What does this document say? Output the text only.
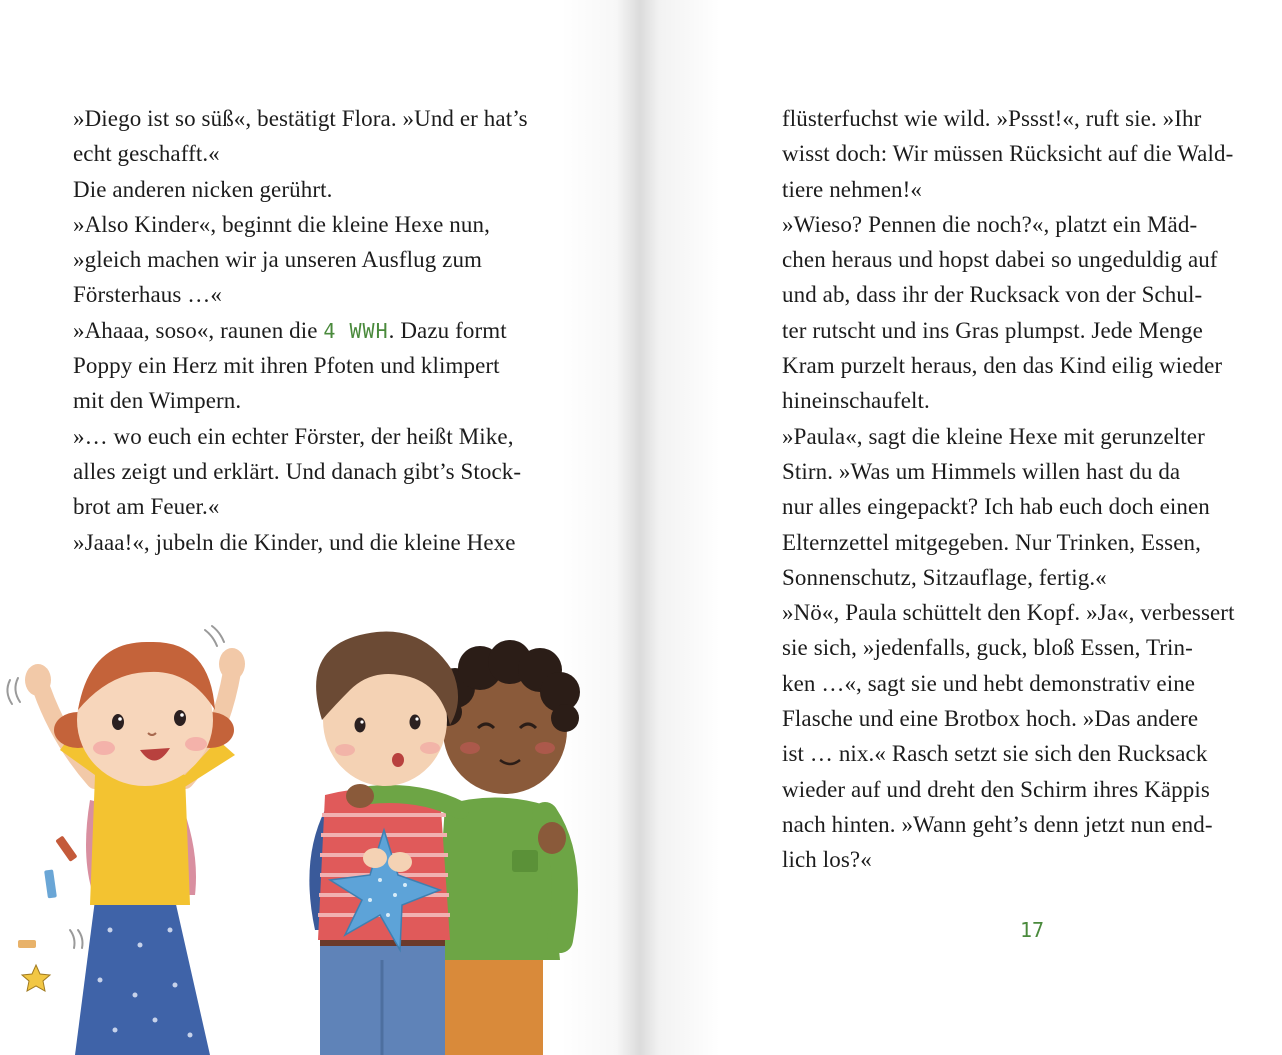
»Diego ist so süß«, bestätigt Flora. »Und er hat’s
echt geschafft.«
Die anderen nicken gerührt.
»Also Kinder«, beginnt die kleine Hexe nun,
»gleich machen wir ja unseren Ausflug zum
Försterhaus …«
»Ahaaa, soso«, raunen die 4 WWH. Dazu formt
Poppy ein Herz mit ihren Pfoten und klimpert
mit den Wimpern.
»… wo euch ein echter Förster, der heißt Mike,
alles zeigt und erklärt. Und danach gibt’s Stock-
brot am Feuer.«
»Jaaa!«, jubeln die Kinder, und die kleine Hexe
flüsterfuchst wie wild. »Pssst!«, ruft sie. »Ihr
wisst doch: Wir müssen Rücksicht auf die Wald-
tiere nehmen!«
»Wieso? Pennen die noch?«, platzt ein Mäd-
chen heraus und hopst dabei so ungeduldig auf
und ab, dass ihr der Rucksack von der Schul-
ter rutscht und ins Gras plumpst. Jede Menge
Kram purzelt heraus, den das Kind eilig wieder
hineinschaufelt.
»Paula«, sagt die kleine Hexe mit gerunzelter
Stirn. »Was um Himmels willen hast du da
nur alles eingepackt? Ich hab euch doch einen
Elternzettel mitgegeben. Nur Trinken, Essen,
Sonnenschutz, Sitzauflage, fertig.«
»Nö«, Paula schüttelt den Kopf. »Ja«, verbessert
sie sich, »jedenfalls, guck, bloß Essen, Trin-
ken …«, sagt sie und hebt demonstrativ eine
Flasche und eine Brotbox hoch. »Das andere
ist … nix.« Rasch setzt sie sich den Rucksack
wieder auf und dreht den Schirm ihres Käppis
nach hinten. »Wann geht’s denn jetzt nun end-
lich los?«
17
